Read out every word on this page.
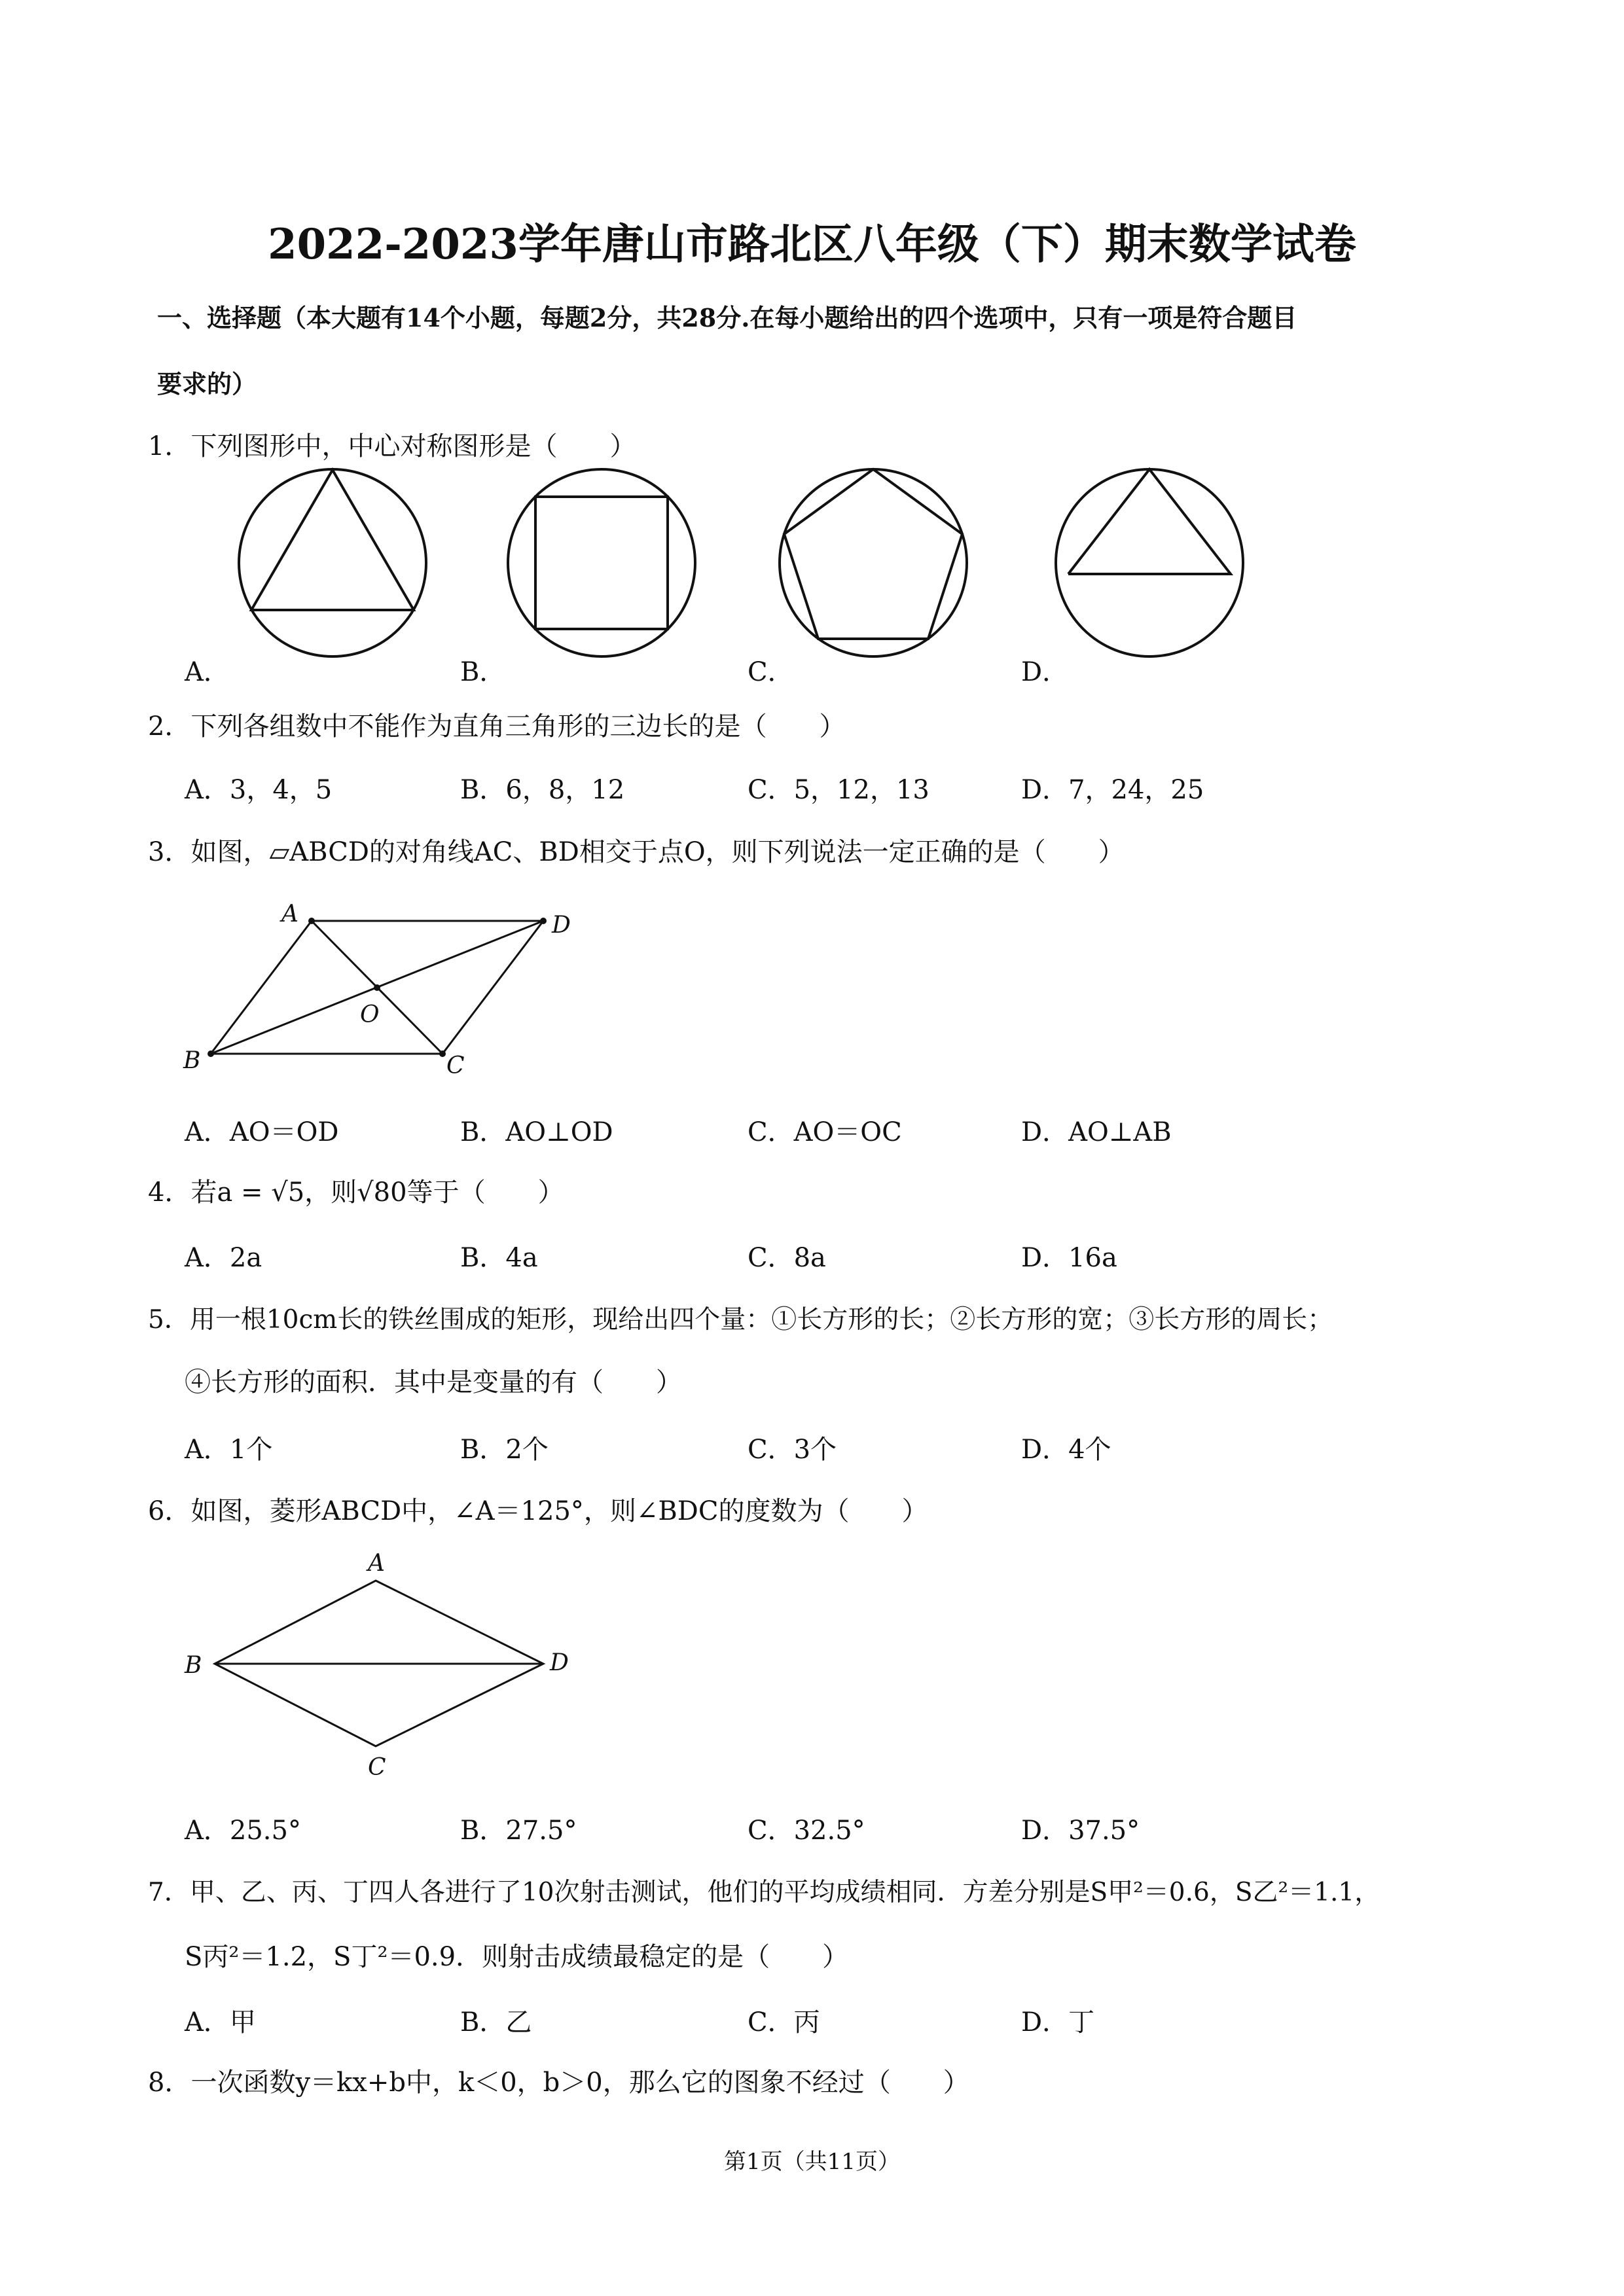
2022-2023学年唐山市路北区八年级（下）期末数学试卷
一、选择题（本大题有14个小题，每题2分，共28分.在每小题给出的四个选项中，只有一项是符合题目
要求的）
1．下列图形中，中心对称图形是（　　）
A．	B．	C．	D．
2．下列各组数中不能作为直角三角形的三边长的是（　　）
A．3，4，5	B．6，8，12	C．5，12，13	D．7，24，25
3．如图，▱ABCD的对角线AC、BD相交于点O，则下列说法一定正确的是（　　）
A	D
O
B	C
A．AO＝OD	B．AO⊥OD	C．AO＝OC	D．AO⊥AB
4．若a = √5，则√80等于（　　）
A．2a	B．4a	C．8a	D．16a
5．用一根10cm长的铁丝围成的矩形，现给出四个量：①长方形的长；②长方形的宽；③长方形的周长；
④长方形的面积．其中是变量的有（　　）
A．1个	B．2个	C．3个	D．4个
6．如图，菱形ABCD中，∠A＝125°，则∠BDC的度数为（　　）
A
B	D
C
A．25.5°	B．27.5°	C．32.5°	D．37.5°
7．甲、乙、丙、丁四人各进行了10次射击测试，他们的平均成绩相同．方差分别是S甲²＝0.6，S乙²＝1.1，
S丙²＝1.2，S丁²＝0.9．则射击成绩最稳定的是（　　）
A．甲	B．乙	C．丙	D．丁
8．一次函数y＝kx+b中，k＜0，b＞0，那么它的图象不经过（　　）
第1页（共11页）
